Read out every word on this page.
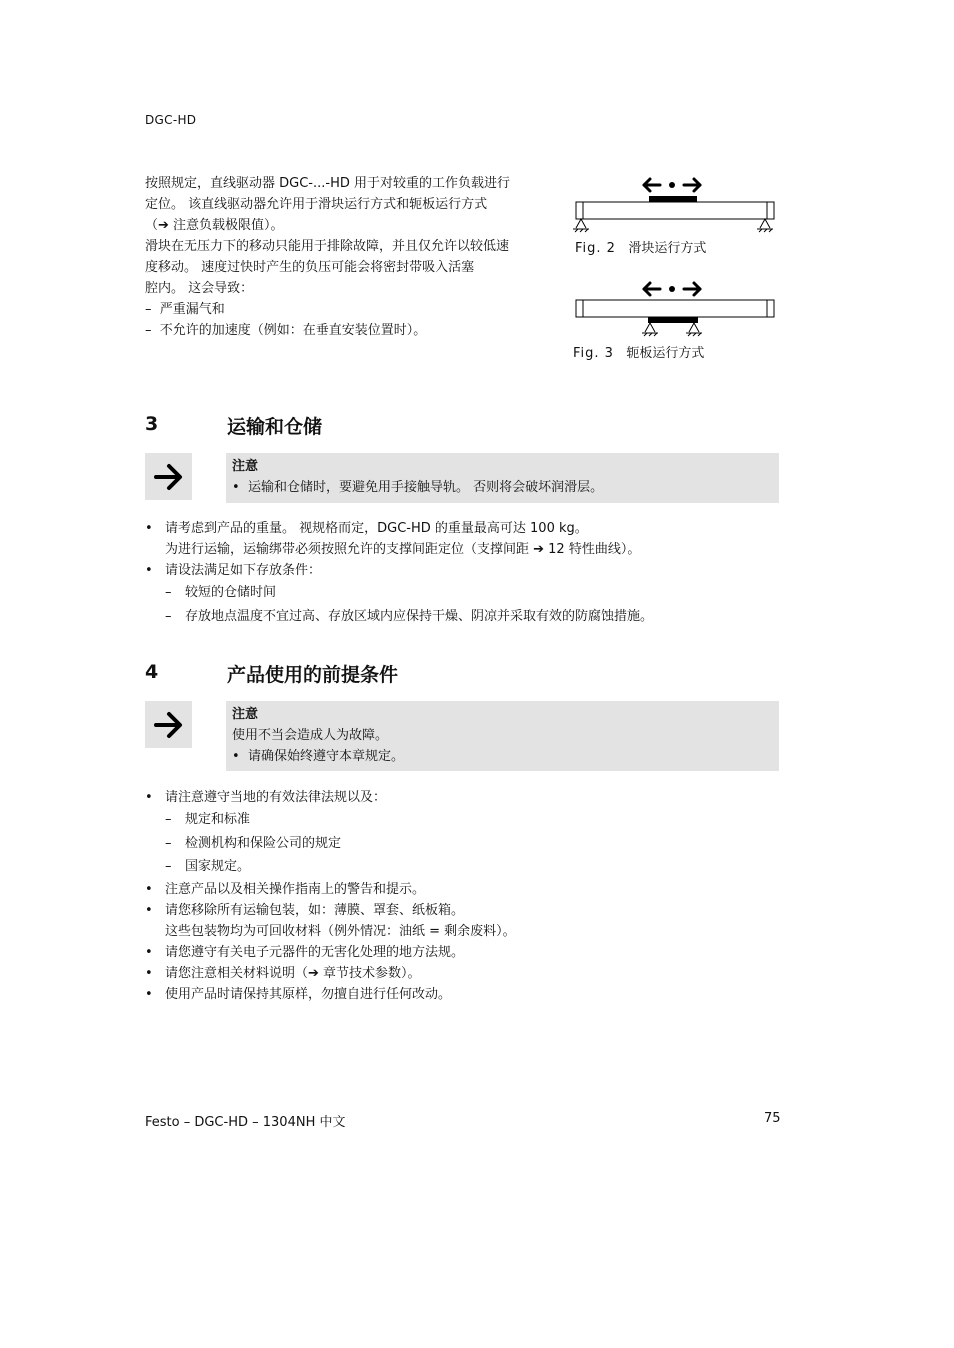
DGC-HD
按照规定，直线驱动器 DGC-...-HD 用于对较重的工作负载进行
定位。 该直线驱动器允许用于滑块运行方式和轭板运行方式
（➔ 注意负载极限值）。
滑块在无压力下的移动只能用于排除故障，并且仅允许以较低速
度移动。 速度过快时产生的负压可能会将密封带吸入活塞
腔内。 这会导致：
– 严重漏气和
– 不允许的加速度（例如：在垂直安装位置时）。
Fig. 2 滑块运行方式
Fig. 3 轭板运行方式
3	运输和仓储
注意
• 运输和仓储时，要避免用手接触导轨。 否则将会破坏润滑层。
• 请考虑到产品的重量。 视规格而定，DGC-HD 的重量最高可达 100 kg。
为进行运输，运输绑带必须按照允许的支撑间距定位（支撑间距 ➔ 12 特性曲线）。
• 请设法满足如下存放条件：
– 较短的仓储时间
– 存放地点温度不宜过高、存放区域内应保持干燥、阴凉并采取有效的防腐蚀措施。
4	产品使用的前提条件
注意
使用不当会造成人为故障。
• 请确保始终遵守本章规定。
• 请注意遵守当地的有效法律法规以及：
– 规定和标准
– 检测机构和保险公司的规定
– 国家规定。
• 注意产品以及相关操作指南上的警告和提示。
• 请您移除所有运输包装，如：薄膜、罩套、纸板箱。
这些包装物均为可回收材料（例外情况：油纸 = 剩余废料）。
• 请您遵守有关电子元器件的无害化处理的地方法规。
• 请您注意相关材料说明（➔ 章节技术参数）。
• 使用产品时请保持其原样，勿擅自进行任何改动。
Festo – DGC-HD – 1304NH 中文	75
